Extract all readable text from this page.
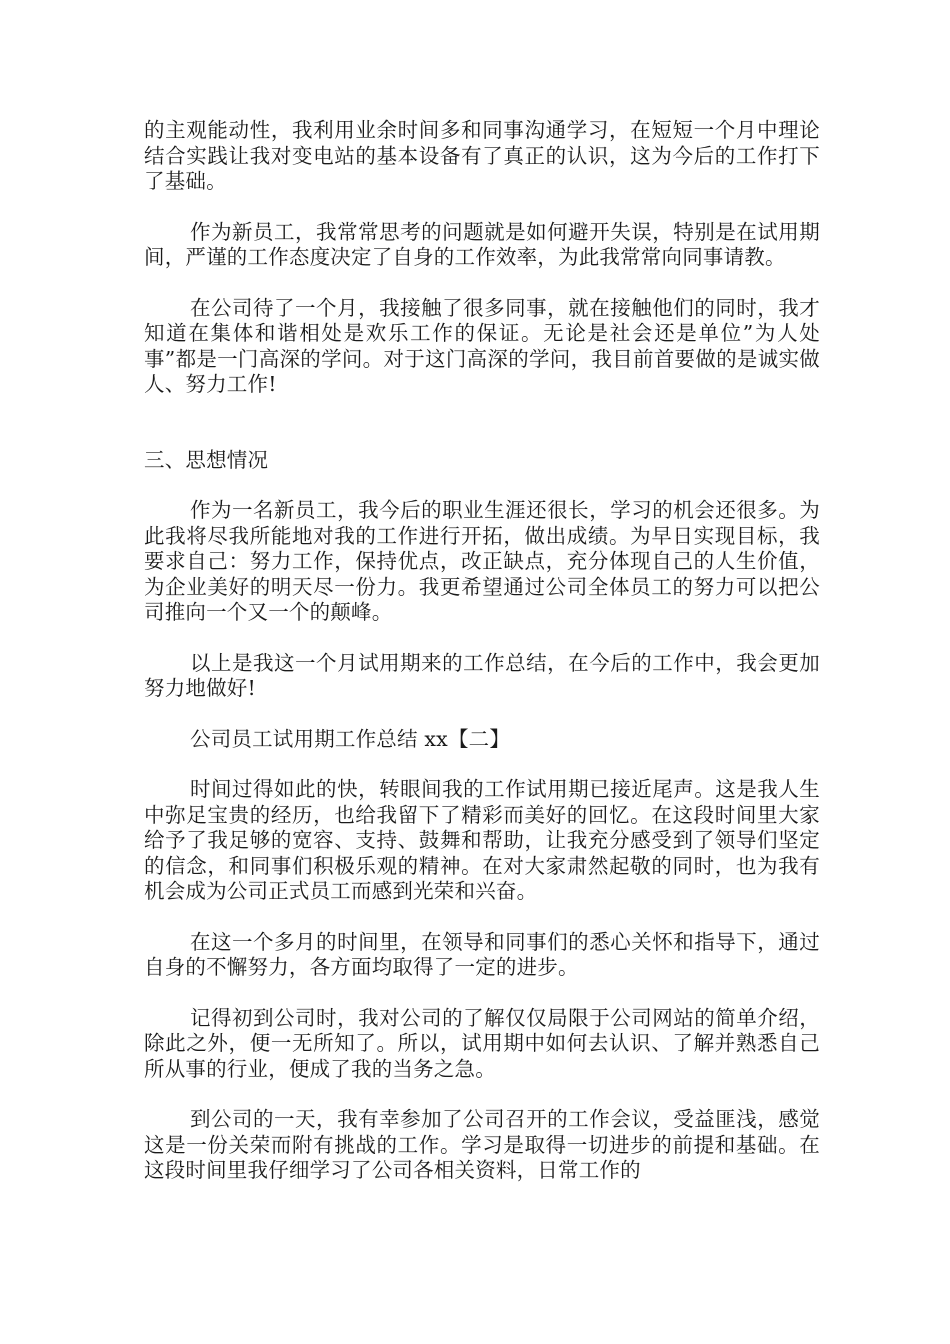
的主观能动性，我利用业余时间多和同事沟通学习，在短短一个月中理论结合实践让我对变电站的基本设备有了真正的认识，这为今后的工作打下了基础。

作为新员工，我常常思考的问题就是如何避开失误，特别是在试用期间，严谨的工作态度决定了自身的工作效率，为此我常常向同事请教。

在公司待了一个月，我接触了很多同事，就在接触他们的同时，我才知道在集体和谐相处是欢乐工作的保证。无论是社会还是单位”为人处事”都是一门高深的学问。对于这门高深的学问，我目前首要做的是诚实做人、努力工作!

三、思想情况

作为一名新员工，我今后的职业生涯还很长，学习的机会还很多。为此我将尽我所能地对我的工作进行开拓，做出成绩。为早日实现目标，我要求自己：努力工作，保持优点，改正缺点，充分体现自己的人生价值，为企业美好的明天尽一份力。我更希望通过公司全体员工的努力可以把公司推向一个又一个的颠峰。

以上是我这一个月试用期来的工作总结，在今后的工作中，我会更加努力地做好!

公司员工试用期工作总结 xx【二】

时间过得如此的快，转眼间我的工作试用期已接近尾声。这是我人生中弥足宝贵的经历，也给我留下了精彩而美好的回忆。在这段时间里大家给予了我足够的宽容、支持、鼓舞和帮助，让我充分感受到了领导们坚定的信念，和同事们积极乐观的精神。在对大家肃然起敬的同时，也为我有机会成为公司正式员工而感到光荣和兴奋。

在这一个多月的时间里，在领导和同事们的悉心关怀和指导下，通过自身的不懈努力，各方面均取得了一定的进步。

记得初到公司时，我对公司的了解仅仅局限于公司网站的简单介绍，除此之外，便一无所知了。所以，试用期中如何去认识、了解并熟悉自己所从事的行业，便成了我的当务之急。

到公司的一天，我有幸参加了公司召开的工作会议，受益匪浅，感觉这是一份关荣而附有挑战的工作。学习是取得一切进步的前提和基础。在这段时间里我仔细学习了公司各相关资料，日常工作的
